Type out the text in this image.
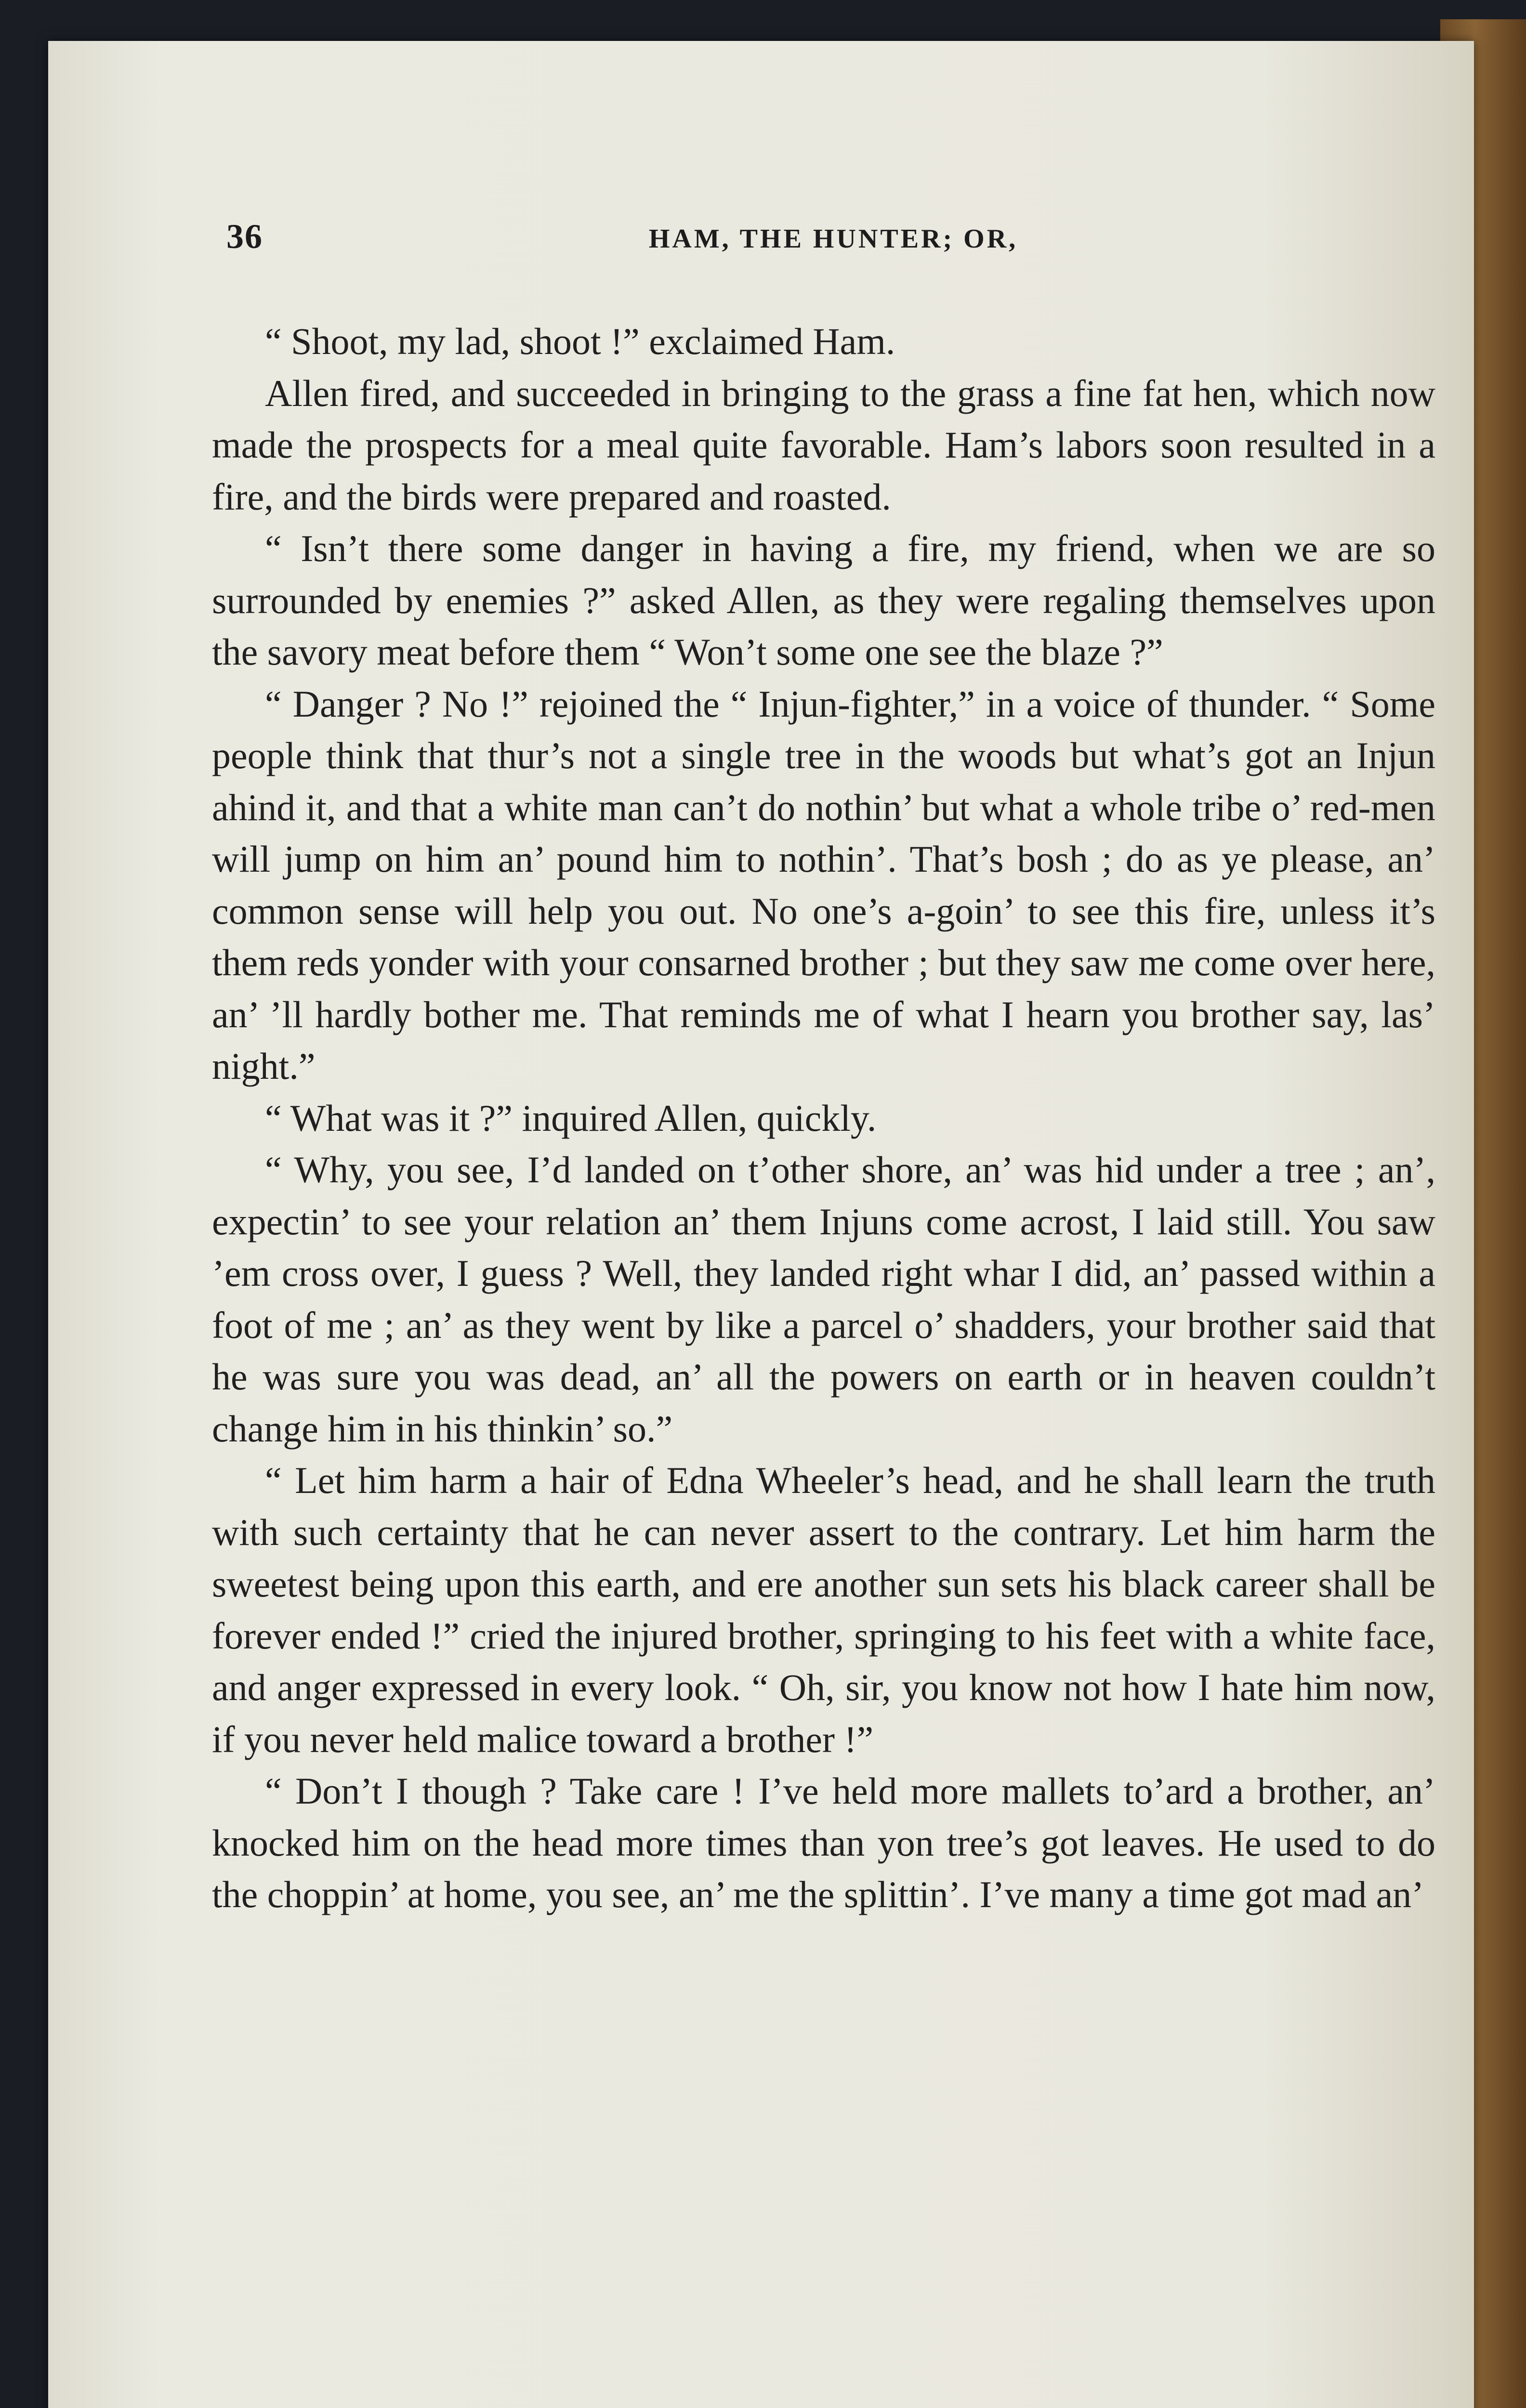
36	HAM, THE HUNTER; OR,

“ Shoot, my lad, shoot !” exclaimed Ham.

Allen fired, and succeeded in bringing to the grass a fine fat hen, which now made the prospects for a meal quite favorable. Ham’s labors soon resulted in a fire, and the birds were prepared and roasted.

“ Isn’t there some danger in having a fire, my friend, when we are so surrounded by enemies ?” asked Allen, as they were regaling themselves upon the savory meat before them “ Won’t some one see the blaze ?”

“ Danger ? No !” rejoined the “ Injun-fighter,” in a voice of thunder. “ Some people think that thur’s not a single tree in the woods but what’s got an Injun ahind it, and that a white man can’t do nothin’ but what a whole tribe o’ red-men will jump on him an’ pound him to nothin’. That’s bosh ; do as ye please, an’ common sense will help you out. No one’s a-goin’ to see this fire, unless it’s them reds yonder with your consarned brother ; but they saw me come over here, an’ ’ll hardly bother me. That reminds me of what I hearn you brother say, las’ night.”

“ What was it ?” inquired Allen, quickly.

“ Why, you see, I’d landed on t’other shore, an’ was hid under a tree ; an’, expectin’ to see your relation an’ them Injuns come acrost, I laid still. You saw ’em cross over, I guess ? Well, they landed right whar I did, an’ passed within a foot of me ; an’ as they went by like a parcel o’ shadders, your brother said that he was sure you was dead, an’ all the powers on earth or in heaven couldn’t change him in his thinkin’ so.”

“ Let him harm a hair of Edna Wheeler’s head, and he shall learn the truth with such certainty that he can never assert to the contrary. Let him harm the sweetest being upon this earth, and ere another sun sets his black career shall be forever ended !” cried the injured brother, springing to his feet with a white face, and anger expressed in every look. “ Oh, sir, you know not how I hate him now, if you never held malice toward a brother !”

“ Don’t I though ? Take care ! I’ve held more mallets to’ard a brother, an’ knocked him on the head more times than yon tree’s got leaves. He used to do the choppin’ at home, you see, an’ me the splittin’. I’ve many a time got mad an’
